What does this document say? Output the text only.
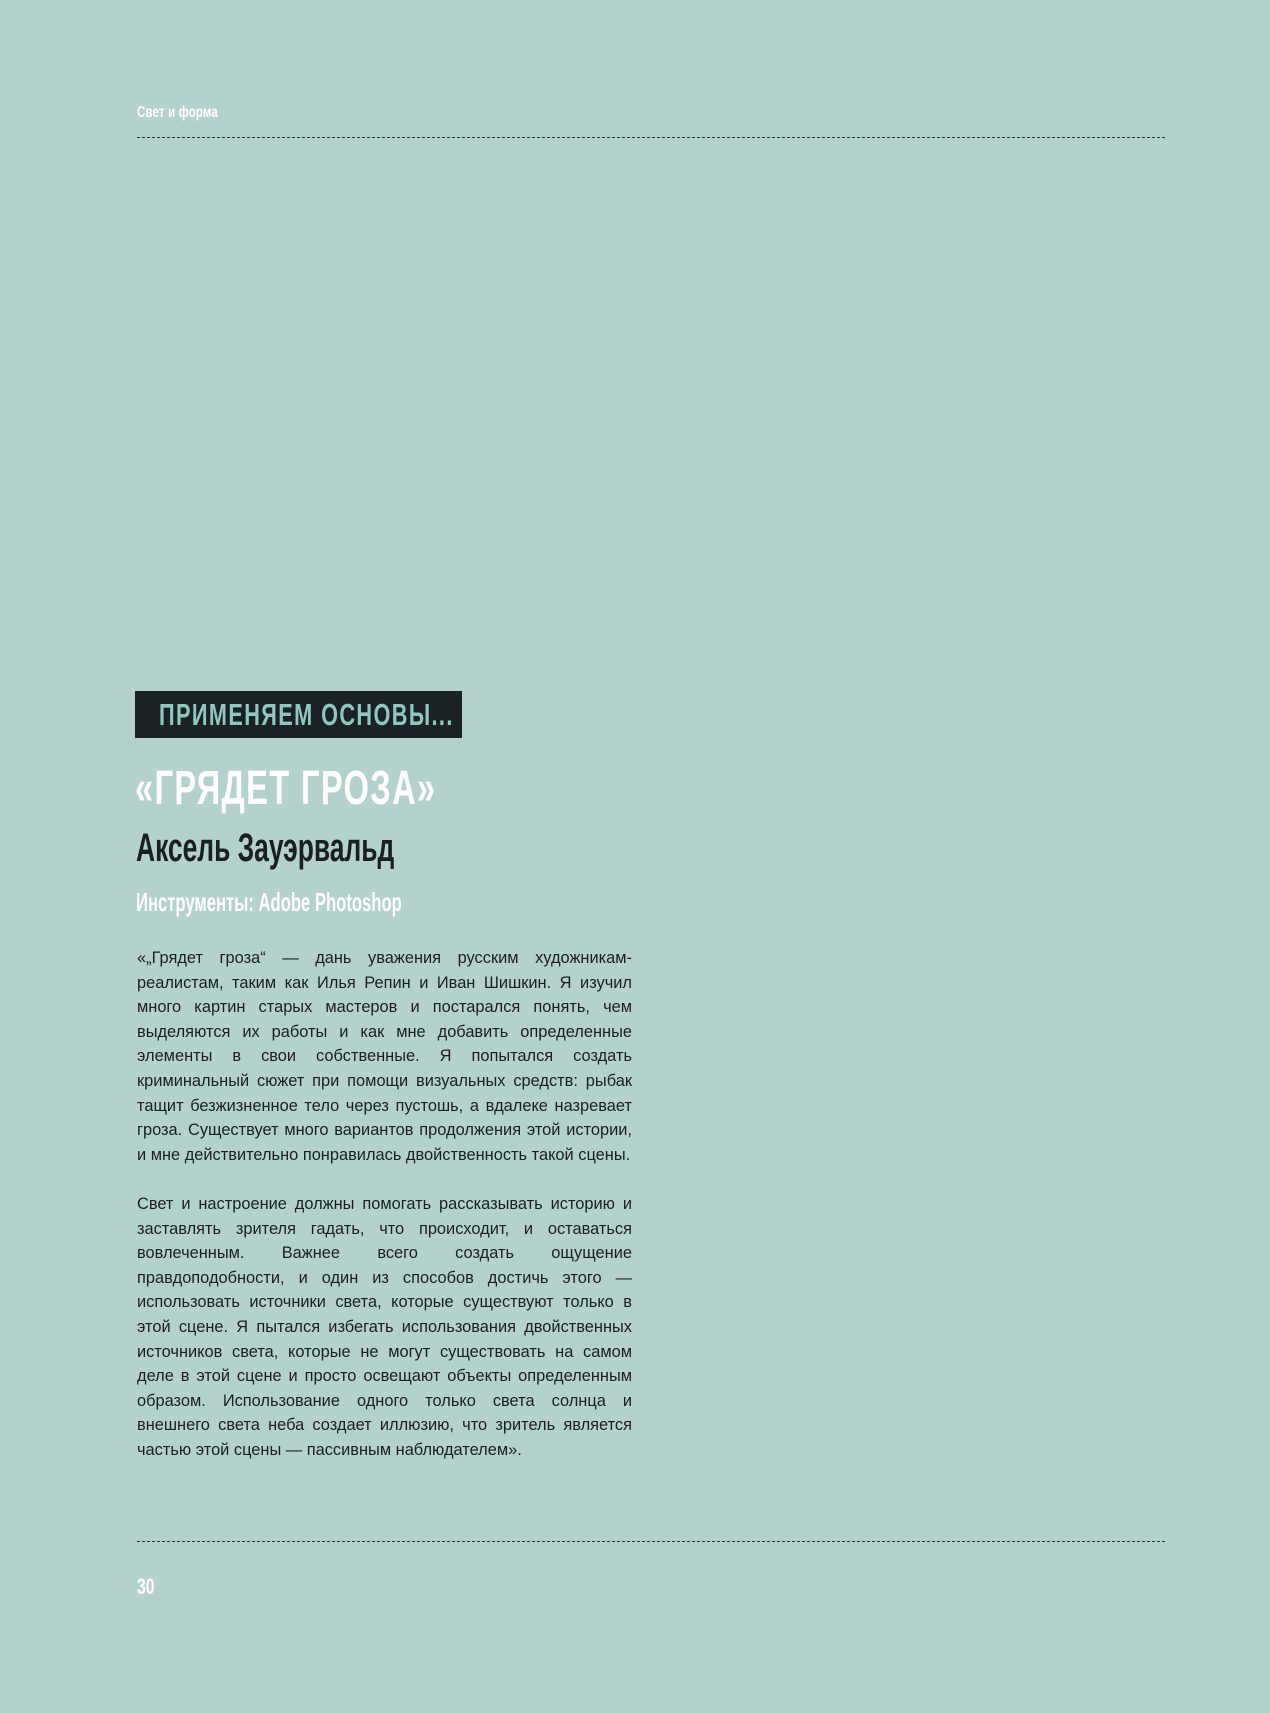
Свет и форма
ПРИМЕНЯЕМ ОСНОВЫ...
«ГРЯДЕТ ГРОЗА»
Аксель Зауэрвальд
Инструменты: Adobe Photoshop

«„Грядет гроза“ — дань уважения русским художникам-реалистам, таким как Илья Репин и Иван Шишкин. Я изучил много картин старых мастеров и постарался понять, чем выделяются их работы и как мне добавить определенные элементы в свои собственные. Я попытался создать криминальный сюжет при помощи визуальных средств: рыбак тащит безжизненное тело через пустошь, а вдалеке назревает гроза. Существует много вариантов продолжения этой истории, и мне действительно понравилась двойственность такой сцены.

Свет и настроение должны помогать рассказывать историю и заставлять зрителя гадать, что происходит, и оставаться вовлеченным. Важнее всего создать ощущение правдоподобности, и один из способов достичь этого — использовать источники света, которые существуют только в этой сцене. Я пытался избегать использования двойственных источников света, которые не могут существовать на самом деле в этой сцене и просто освещают объекты определенным образом. Использование одного только света солнца и внешнего света неба создает иллюзию, что зритель является частью этой сцены — пассивным наблюдателем».

30
